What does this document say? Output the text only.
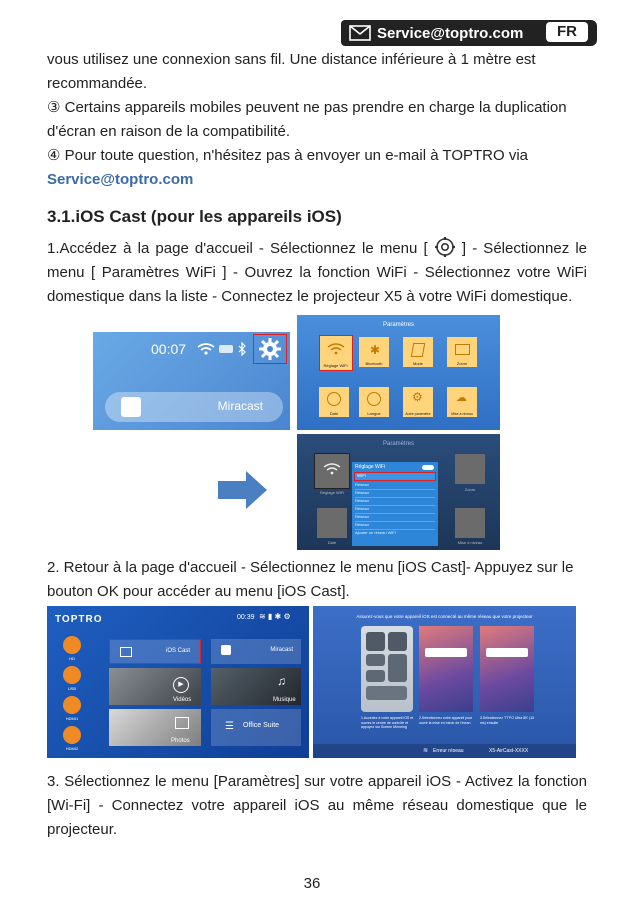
Service@toptro.com	FR

vous utilisez une connexion sans fil. Une distance inférieure à 1 mètre est recommandée.

③ Certains appareils mobiles peuvent ne pas prendre en charge la duplication d'écran en raison de la compatibilité.

④ Pour toute question, n'hésitez pas à envoyer un e-mail à TOPTRO via
Service@toptro.com

3.1.iOS Cast (pour les appareils iOS)

1.Accédez à la page d'accueil - Sélectionnez le menu [ ] - Sélectionnez le menu [ Paramètres WiFi ] - Ouvrez la fonction WiFi - Sélectionnez votre WiFi domestique dans la liste - Connectez le projecteur X5 à votre WiFi domestique.

00:07
Miracast
Paramètres
Réglage WiFi
✱
Bluetooth	Mode	Zoom
Date	Langue
⚙
Autre paramètre
☁
Mise à niveau
Paramètres
Réglage WiFi
Zoom
Date	Mise à niveau
Réglage WiFi
WiFi
Réseau
Réseau
Réseau
Réseau
Réseau
Réseau
Ajouter un réseau WiFi

2. Retour à la page d'accueil - Sélectionnez le menu [iOS Cast]- Appuyez sur le bouton OK pour accéder au menu [iOS Cast].

TOPTRO	00:39 ≋ ▮ ✱ ⚙
HD
USB
HDMI1
HDMI2
iOS Cast	Miracast
▶
Vidéos
♫
Musique
Photos
☰ Office Suite
Assurez-vous que votre appareil iOS est connecté au même réseau que votre projecteur
1.Accédez à votre appareil iOS et ouvrez le centre de contrôle et appuyez sur Screen Mirroring
2.Sélectionnez votre appareil pour ouvrir la mise en miroir de l'écran
3.Sélectionnez 'TTPO Ultra 8K' (10 ms) ensuite
≋ Erreur réseau	X5-AirCast-XXXX

3. Sélectionnez le menu [Paramètres] sur votre appareil iOS - Activez la fonction [Wi-Fi] - Connectez votre appareil iOS au même réseau domestique que le projecteur.

36
